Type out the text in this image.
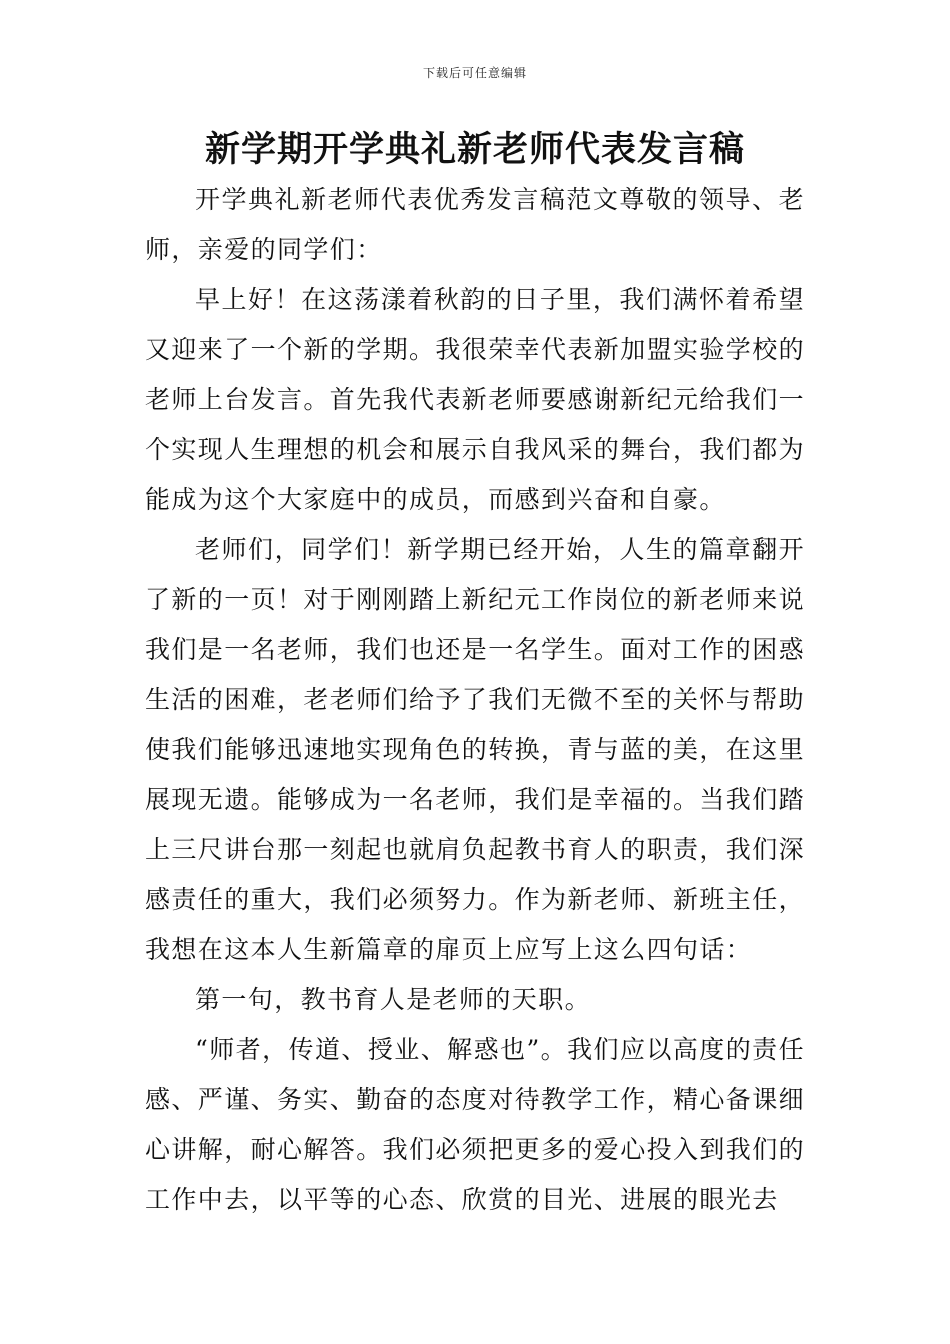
下载后可任意编辑
新学期开学典礼新老师代表发言稿

开学典礼新老师代表优秀发言稿范文尊敬的领导、老师，亲爱的同学们：

早上好！在这荡漾着秋韵的日子里，我们满怀着希望又迎来了一个新的学期。我很荣幸代表新加盟实验学校的老师上台发言。首先我代表新老师要感谢新纪元给我们一个实现人生理想的机会和展示自我风采的舞台，我们都为能成为这个大家庭中的成员，而感到兴奋和自豪。

老师们，同学们！新学期已经开始，人生的篇章翻开了新的一页！对于刚刚踏上新纪元工作岗位的新老师来说我们是一名老师，我们也还是一名学生。面对工作的困惑生活的困难，老老师们给予了我们无微不至的关怀与帮助使我们能够迅速地实现角色的转换，青与蓝的美，在这里展现无遗。能够成为一名老师，我们是幸福的。当我们踏上三尺讲台那一刻起也就肩负起教书育人的职责，我们深感责任的重大，我们必须努力。作为新老师、新班主任，我想在这本人生新篇章的扉页上应写上这么四句话：

第一句，教书育人是老师的天职。

“师者，传道、授业、解惑也”。我们应以高度的责任感、严谨、务实、勤奋的态度对待教学工作，精心备课细心讲解，耐心解答。我们必须把更多的爱心投入到我们的工作中去，以平等的心态、欣赏的目光、进展的眼光去
